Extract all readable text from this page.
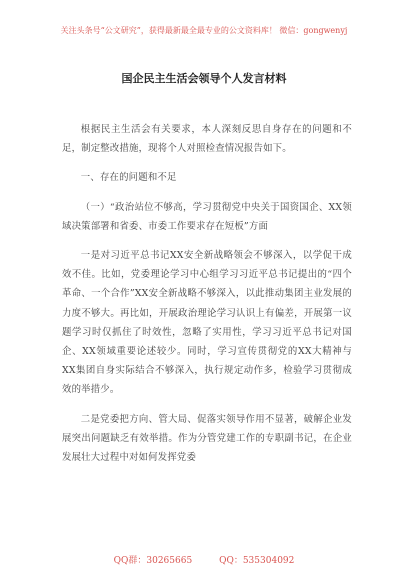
关注头条号“公文研究”，获得最新最全最专业的公文资料库！ 微信：gongwenyj
国企民主生活会领导个人发言材料

根据民主生活会有关要求，本人深刻反思自身存在的问题和不足，制定整改措施，现将个人对照检查情况报告如下。

一、存在的问题和不足

（一）“政治站位不够高，学习贯彻党中央关于国资国企、XX领域决策部署和省委、市委工作要求存在短板”方面

一是对习近平总书记XX安全新战略领会不够深入，以学促干成效不佳。比如，党委理论学习中心组学习习近平总书记提出的“四个革命、一个合作”XX安全新战略不够深入，以此推动集团主业发展的力度不够大。再比如，开展政治理论学习认识上有偏差，开展第一议题学习时仅抓住了时效性，忽略了实用性，学习习近平总书记对国企、XX领域重要论述较少。同时，学习宣传贯彻党的XX大精神与XX集团自身实际结合不够深入，执行规定动作多，检验学习贯彻成效的举措少。

二是党委把方向、管大局、促落实领导作用不显著，破解企业发展突出问题缺乏有效举措。作为分管党建工作的专职副书记，在企业发展壮大过程中对如何发挥党委

QQ群：30265665	QQ：535304092
